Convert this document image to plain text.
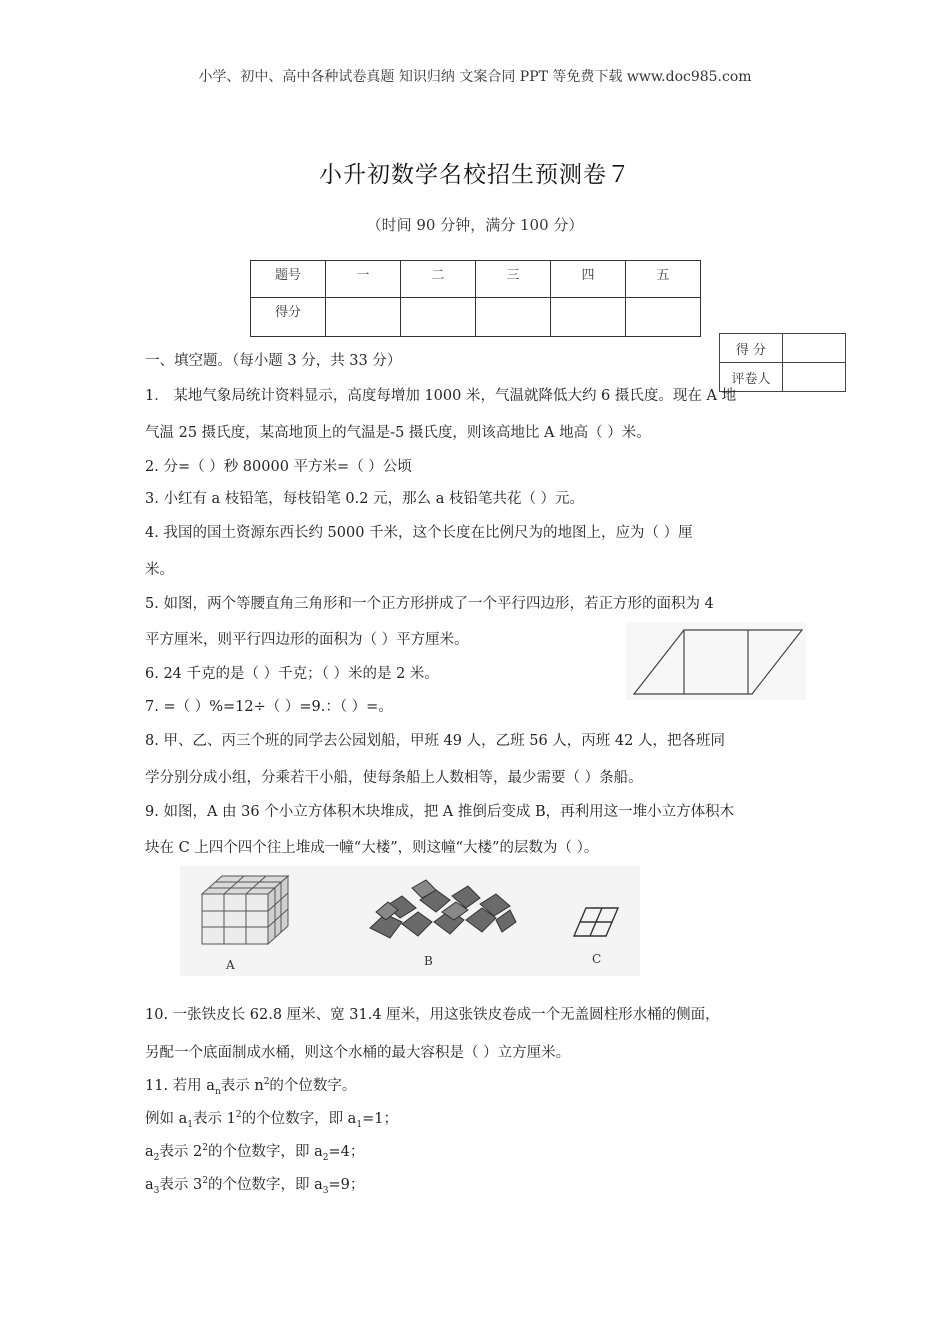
小学、初中、高中各种试卷真题 知识归纳 文案合同 PPT 等免费下载 www.doc985.com
小升初数学名校招生预测卷７
（时间 90 分钟，满分 100 分）
题号	一	二	三	四	五
得分					
得 分	
评卷人	
一、填空题。（每小题 3 分，共 33 分）
1． 某地气象局统计资料显示，高度每增加 1000 米，气温就降低大约 6 摄氏度。现在 A 地
气温 25 摄氏度，某高地顶上的气温是-5 摄氏度，则该高地比 A 地高（ ）米。
2. 分=（ ）秒 80000 平方米=（ ）公顷
3. 小红有 a 枝铅笔，每枝铅笔 0.2 元，那么 a 枝铅笔共花（ ）元。
4. 我国的国土资源东西长约 5000 千米，这个长度在比例尺为的地图上，应为（ ）厘
米。
5. 如图，两个等腰直角三角形和一个正方形拼成了一个平行四边形，若正方形的面积为 4
平方厘米，则平行四边形的面积为（ ）平方厘米。
6. 24 千克的是（ ）千克；（ ）米的是 2 米。
7. =（ ）%=12÷（ ）=9.：（ ）=。
8. 甲、乙、丙三个班的同学去公园划船，甲班 49 人，乙班 56 人，丙班 42 人，把各班同
学分别分成小组，分乘若干小船，使每条船上人数相等，最少需要（ ）条船。
9. 如图，A 由 36 个小立方体积木块堆成，把 A 推倒后变成 B，再利用这一堆小立方体积木
块在 C 上四个四个往上堆成一幢“大楼”，则这幢“大楼”的层数为（ ）。
A	B	C
10. 一张铁皮长 62.8 厘米、宽 31.4 厘米，用这张铁皮卷成一个无盖圆柱形水桶的侧面，
另配一个底面制成水桶，则这个水桶的最大容积是（ ）立方厘米。
11. 若用 $a_n$表示 $n^2$的个位数字。
例如 $a_1$表示 $1^2$的个位数字，即 $a_1=1$；
$a_2$表示 $2^2$的个位数字，即 $a_2=4$；
$a_3$表示 $3^2$的个位数字，即 $a_3=9$；
